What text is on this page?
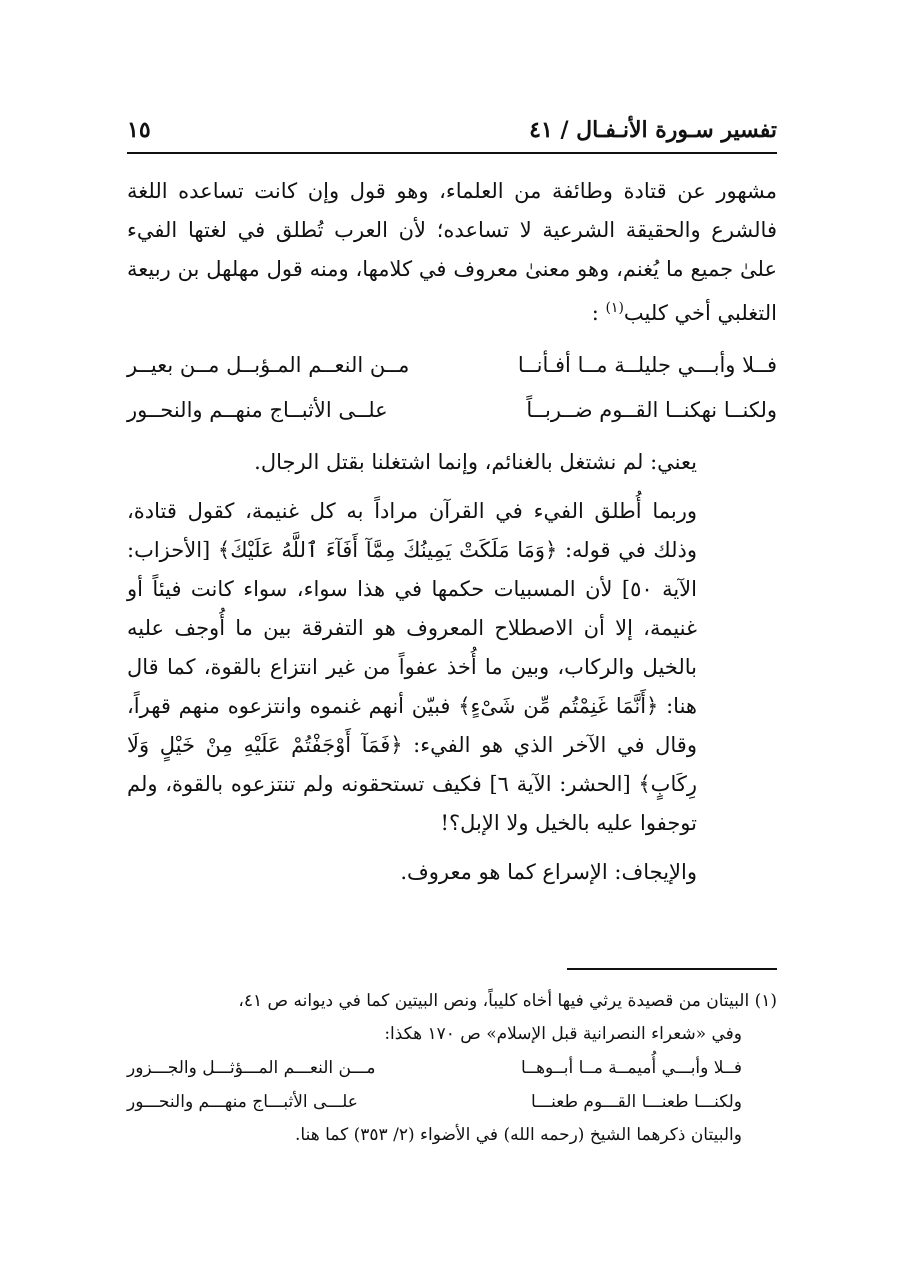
تفسير سـورة الأنـفـال / ٤١
١٥

مشهور عن قتادة وطائفة من العلماء، وهو قول وإن كانت تساعده اللغة فالشرع والحقيقة الشرعية لا تساعده؛ لأن العرب تُطلق في لغتها الفيء علىٰ جميع ما يُغنم، وهو معنىٰ معروف في كلامها، ومنه قول مهلهل بن ربيعة التغلبي أخي كليب$^{(١)}$ :

فــلا وأبـــي جليلــة مــا أفـأنــا
مــن النعــم المـؤبــل مــن بعيــر
ولكنــا نهكنــا القــوم ضــربــاً
علــى الأثبــاج منهــم والنحــور

يعني: لم نشتغل بالغنائم، وإنما اشتغلنا بقتل الرجال.

وربما أُطلق الفيء في القرآن مراداً به كل غنيمة، كقول قتادة، وذلك في قوله: ﴿وَمَا مَلَكَتْ يَمِينُكَ مِمَّآ أَفَآءَ ٱللَّهُ عَلَيْكَ﴾ [الأحزاب: الآية ٥٠] لأن المسبيات حكمها في هذا سواء، سواء كانت فيئاً أو غنيمة، إلا أن الاصطلاح المعروف هو التفرقة بين ما أُوجف عليه بالخيل والركاب، وبين ما أُخذ عفواً من غير انتزاع بالقوة، كما قال هنا: ﴿أَنَّمَا غَنِمْتُم مِّن شَىْءٍ﴾ فبيّن أنهم غنموه وانتزعوه منهم قهراً، وقال في الآخر الذي هو الفيء: ﴿فَمَآ أَوْجَفْتُمْ عَلَيْهِ مِنْ خَيْلٍ وَلَا رِكَابٍ﴾ [الحشر: الآية ٦] فكيف تستحقونه ولم تنتزعوه بالقوة، ولم توجفوا عليه بالخيل ولا الإبل؟!

والإيجاف: الإسراع كما هو معروف.

(١) البيتان من قصيدة يرثي فيها أخاه كليباً، ونص البيتين كما في ديوانه ص ٤١،

وفي «شعراء النصرانية قبل الإسلام» ص ١٧٠ هكذا:

فــلا وأبـــي أُميمــة مــا أبــوهــا
مـــن النعـــم المـــؤثـــل والجـــزور
ولكنـــا طعنـــا القـــوم طعنـــا
علـــى الأثبـــاج منهـــم والنحـــور

والبيتان ذكرهما الشيخ (رحمه الله) في الأضواء (٢/ ٣٥٣) كما هنا.
